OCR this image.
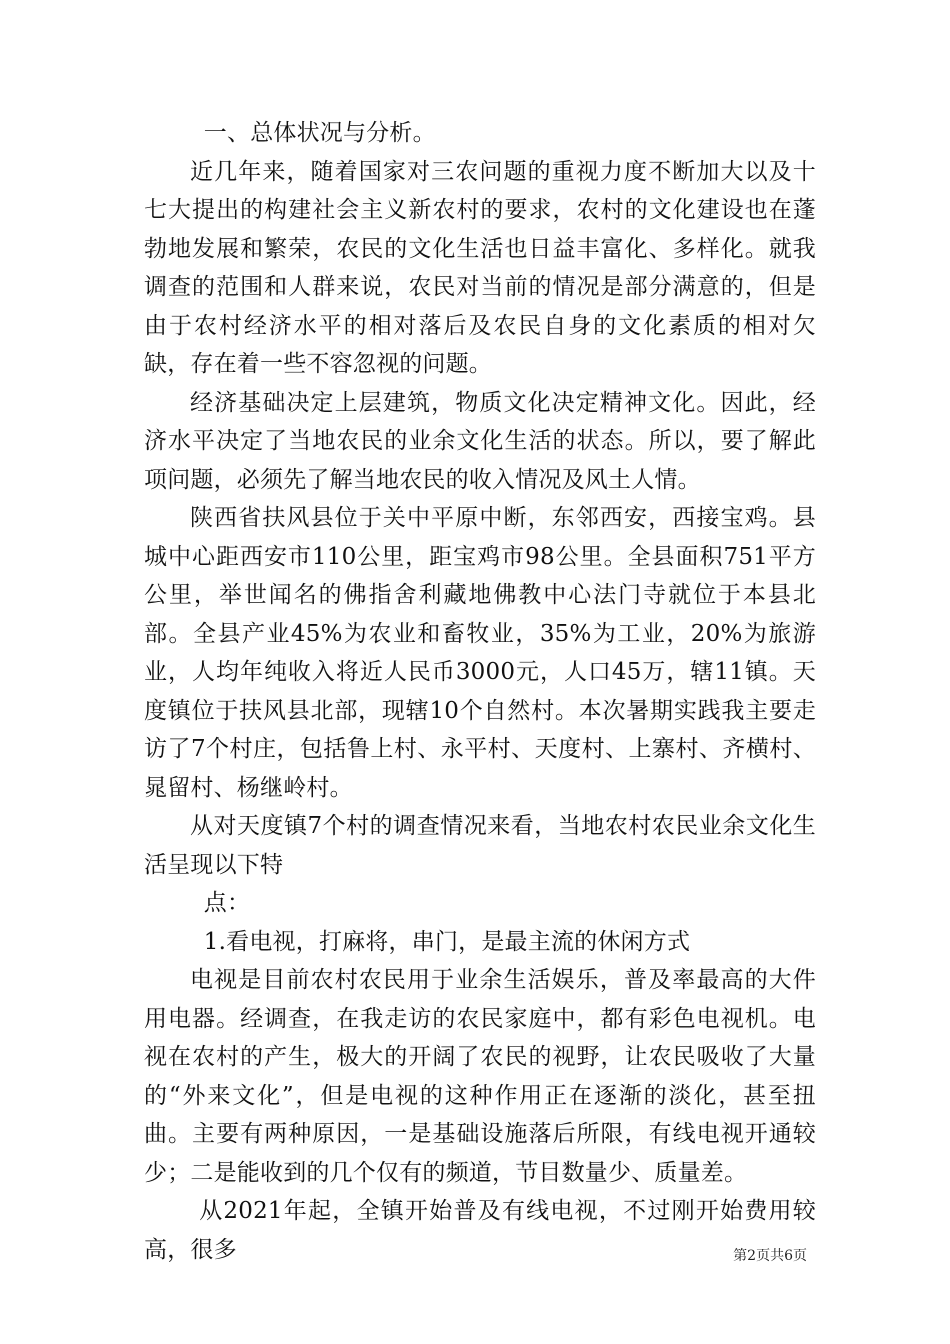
一、总体状况与分析。

近几年来，随着国家对三农问题的重视力度不断加大以及十七大提出的构建社会主义新农村的要求，农村的文化建设也在蓬勃地发展和繁荣，农民的文化生活也日益丰富化、多样化。就我调查的范围和人群来说，农民对当前的情况是部分满意的，但是由于农村经济水平的相对落后及农民自身的文化素质的相对欠缺，存在着一些不容忽视的问题。

经济基础决定上层建筑，物质文化决定精神文化。因此，经济水平决定了当地农民的业余文化生活的状态。所以，要了解此项问题，必须先了解当地农民的收入情况及风土人情。

陕西省扶风县位于关中平原中断，东邻西安，西接宝鸡。县城中心距西安市110公里，距宝鸡市98公里。全县面积751平方公里，举世闻名的佛指舍利藏地佛教中心法门寺就位于本县北部。全县产业45%为农业和畜牧业，35%为工业，20%为旅游业，人均年纯收入将近人民币3000元，人口45万，辖11镇。天度镇位于扶风县北部，现辖10个自然村。本次暑期实践我主要走访了7个村庄，包括鲁上村、永平村、天度村、上寨村、齐横村、晁留村、杨继岭村。

从对天度镇7个村的调查情况来看，当地农村农民业余文化生活呈现以下特

点：

1.看电视，打麻将，串门，是最主流的休闲方式

电视是目前农村农民用于业余生活娱乐，普及率最高的大件用电器。经调查，在我走访的农民家庭中，都有彩色电视机。电视在农村的产生，极大的开阔了农民的视野，让农民吸收了大量的“外来文化”，但是电视的这种作用正在逐渐的淡化，甚至扭曲。主要有两种原因，一是基础设施落后所限，有线电视开通较少；二是能收到的几个仅有的频道，节目数量少、质量差。

从2021年起，全镇开始普及有线电视，不过刚开始费用较高，很多	第2页共6页
